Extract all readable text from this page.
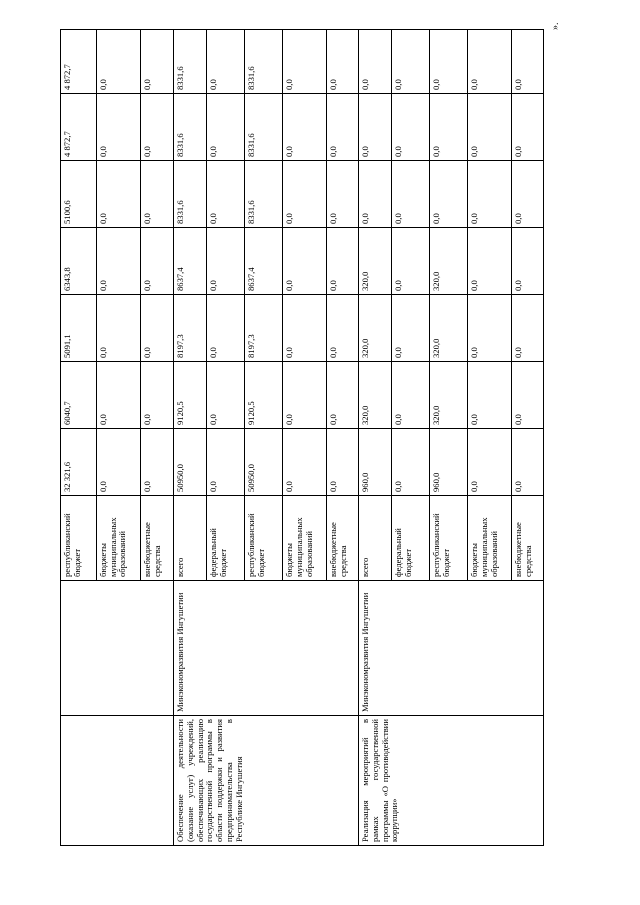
		республиканский бюджет	32 321,6	6040,7	5091,1	6343,8	5100,6	4 872,7	4 872,7
		бюджеты муниципальных образований	0,0	0,0	0,0	0,0	0,0	0,0	0,0
		внебюджетные средства	0,0	0,0	0,0	0,0	0,0	0,0	0,0
Обеспечение деятельности (оказание услуг) учреждений, обеспечивающих реализацию государственной программы в области поддержки и развития предпринимательства в Республике Ингушетия	Минэкономразвития Ингушетии	всего	50950,0	9120,5	8197,3	8637,4	8331,6	8331,6	8331,6
		федеральный бюджет	0,0	0,0	0,0	0,0	0,0	0,0	0,0
		республиканский бюджет	50950,0	9120,5	8197,3	8637,4	8331,6	8331,6	8331,6
		бюджеты муниципальных образований	0,0	0,0	0,0	0,0	0,0	0,0	0,0
		внебюджетные средства	0,0	0,0	0,0	0,0	0,0	0,0	0,0
Реализация мероприятий в рамках государственной программы «О противодействии коррупции»	Минэкономразвития Ингушетии	всего	960,0	320,0	320,0	320,0	0,0	0,0	0,0
		федеральный бюджет	0,0	0,0	0,0	0,0	0,0	0,0	0,0
		республиканский бюджет	960,0	320,0	320,0	320,0	0,0	0,0	0,0
		бюджеты муниципальных образований	0,0	0,0	0,0	0,0	0,0	0,0	0,0
		внебюджетные средства	0,0	0,0	0,0	0,0	0,0	0,0	0,0
».
